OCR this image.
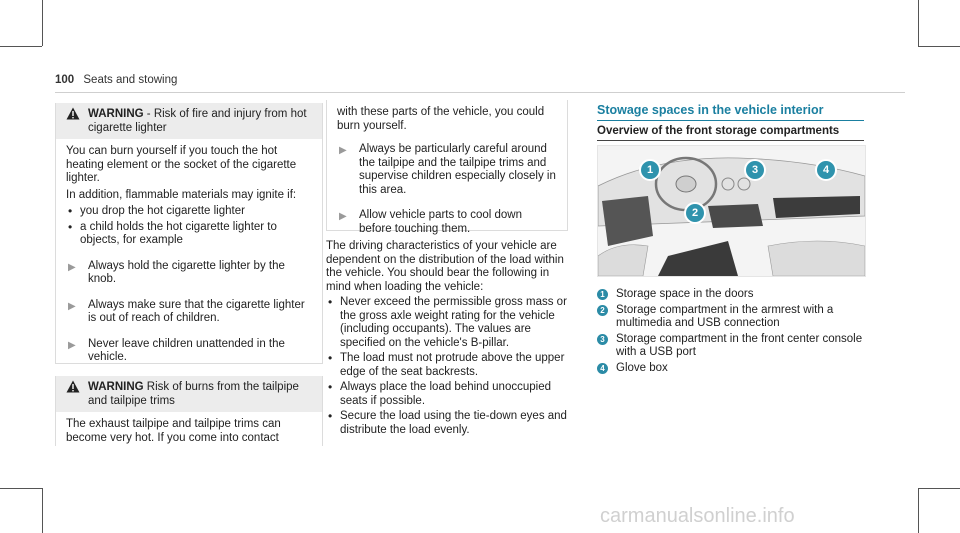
100 Seats and stowing
WARNING - Risk of fire and injury from hot cigarette lighter

You can burn yourself if you touch the hot heating element or the socket of the cigarette lighter.

In addition, flammable materials may ignite if:

• you drop the hot cigarette lighter
• a child holds the hot cigarette lighter to objects, for example
▶ Always hold the cigarette lighter by the knob.
▶ Always make sure that the cigarette lighter is out of reach of children.
▶ Never leave children unattended in the vehicle.
WARNING Risk of burns from the tailpipe and tailpipe trims

The exhaust tailpipe and tailpipe trims can become very hot. If you come into contact

with these parts of the vehicle, you could burn yourself.

▶ Always be particularly careful around the tailpipe and the tailpipe trims and supervise children especially closely in this area.
▶ Allow vehicle parts to cool down before touching them.

The driving characteristics of your vehicle are dependent on the distribution of the load within the vehicle. You should bear the following in mind when loading the vehicle:

• Never exceed the permissible gross mass or the gross axle weight rating for the vehicle (including occupants). The values are specified on the vehicle's B-pillar.
• The load must not protrude above the upper edge of the seat backrests.
• Always place the load behind unoccupied seats if possible.
• Secure the load using the tie-down eyes and distribute the load evenly.
Stowage spaces in the vehicle interior
Overview of the front storage compartments
1
2
3	4
1 Storage space in the doors
2 Storage compartment in the armrest with a multimedia and USB connection
3 Storage compartment in the front center console with a USB port
4 Glove box
carmanualsonline.info
